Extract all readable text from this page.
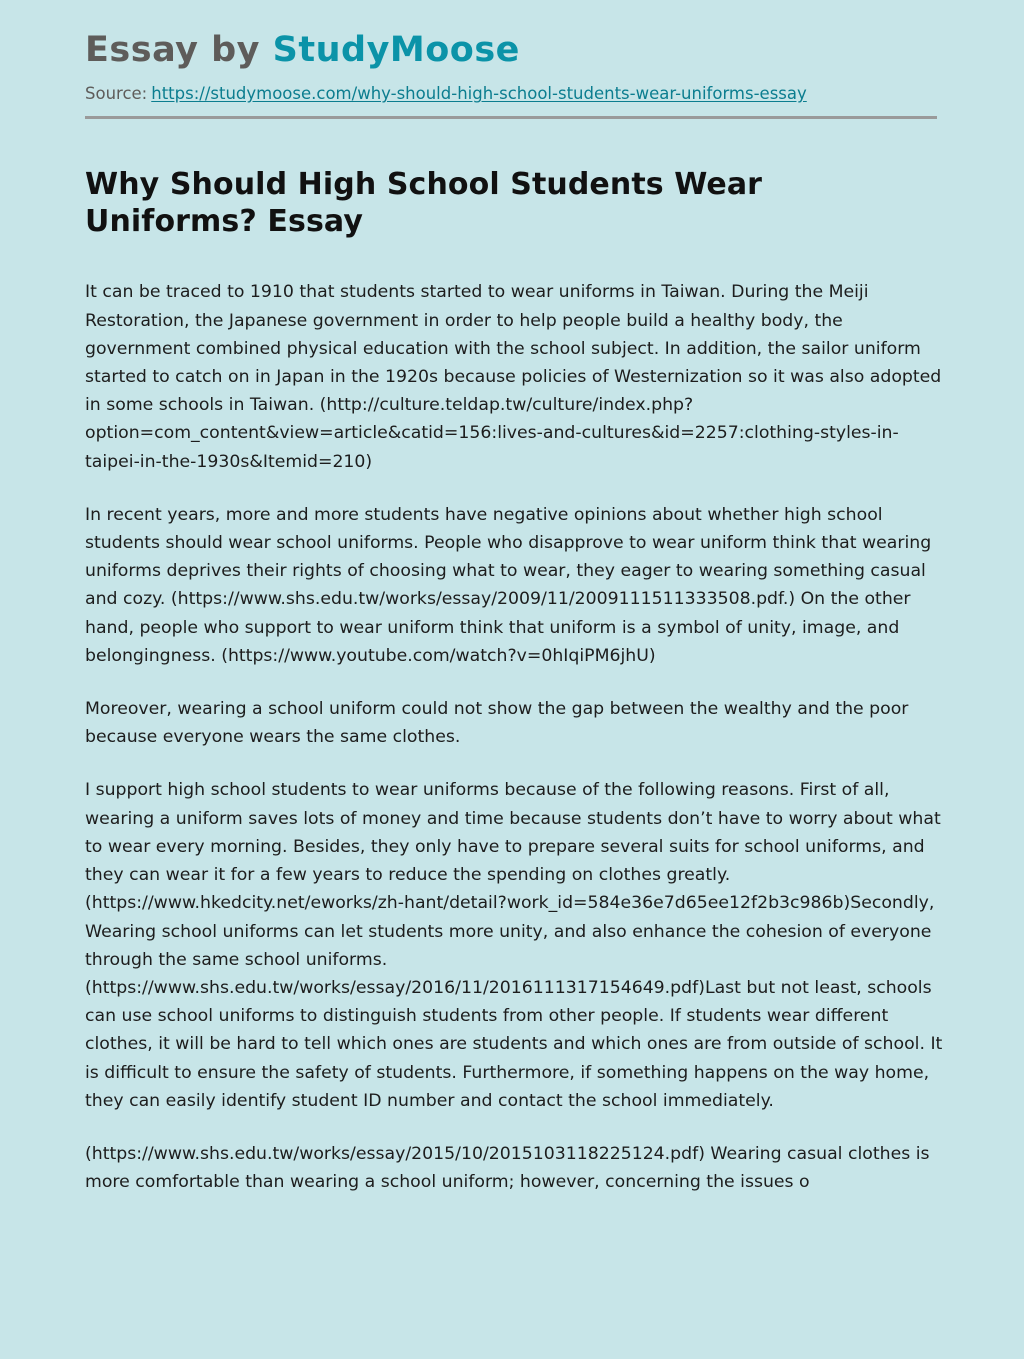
Essay by StudyMoose
Source: https://studymoose.com/why-should-high-school-students-wear-uniforms-essay
Why Should High School Students Wear Uniforms? Essay

It can be traced to 1910 that students started to wear uniforms in Taiwan. During the Meiji Restoration, the Japanese government in order to help people build a healthy body, the government combined physical education with the school subject. In addition, the sailor uniform started to catch on in Japan in the 1920s because policies of Westernization so it was also adopted in some schools in Taiwan. (http://culture.teldap.tw/culture/index.php?option=com_content&view=article&catid=156:lives-and-cultures&id=2257:clothing-styles-in-taipei-in-the-1930s&Itemid=210)

In recent years, more and more students have negative opinions about whether high school students should wear school uniforms. People who disapprove to wear uniform think that wearing uniforms deprives their rights of choosing what to wear, they eager to wearing something casual and cozy. (https://www.shs.edu.tw/works/essay/2009/11/2009111511333508.pdf.) On the other hand, people who support to wear uniform think that uniform is a symbol of unity, image, and belongingness. (https://www.youtube.com/watch?v=0hIqiPM6jhU)

Moreover, wearing a school uniform could not show the gap between the wealthy and the poor because everyone wears the same clothes.

I support high school students to wear uniforms because of the following reasons. First of all, wearing a uniform saves lots of money and time because students don’t have to worry about what to wear every morning. Besides, they only have to prepare several suits for school uniforms, and they can wear it for a few years to reduce the spending on clothes greatly. (https://www.hkedcity.net/eworks/zh-hant/detail?work_id=584e36e7d65ee12f2b3c986b)Secondly, Wearing school uniforms can let students more unity, and also enhance the cohesion of everyone through the same school uniforms. (https://www.shs.edu.tw/works/essay/2016/11/2016111317154649.pdf)Last but not least, schools can use school uniforms to distinguish students from other people. If students wear different clothes, it will be hard to tell which ones are students and which ones are from outside of school. It is difficult to ensure the safety of students. Furthermore, if something happens on the way home, they can easily identify student ID number and contact the school immediately.

(https://www.shs.edu.tw/works/essay/2015/10/2015103118225124.pdf) Wearing casual clothes is more comfortable than wearing a school uniform; however, concerning the issues o
